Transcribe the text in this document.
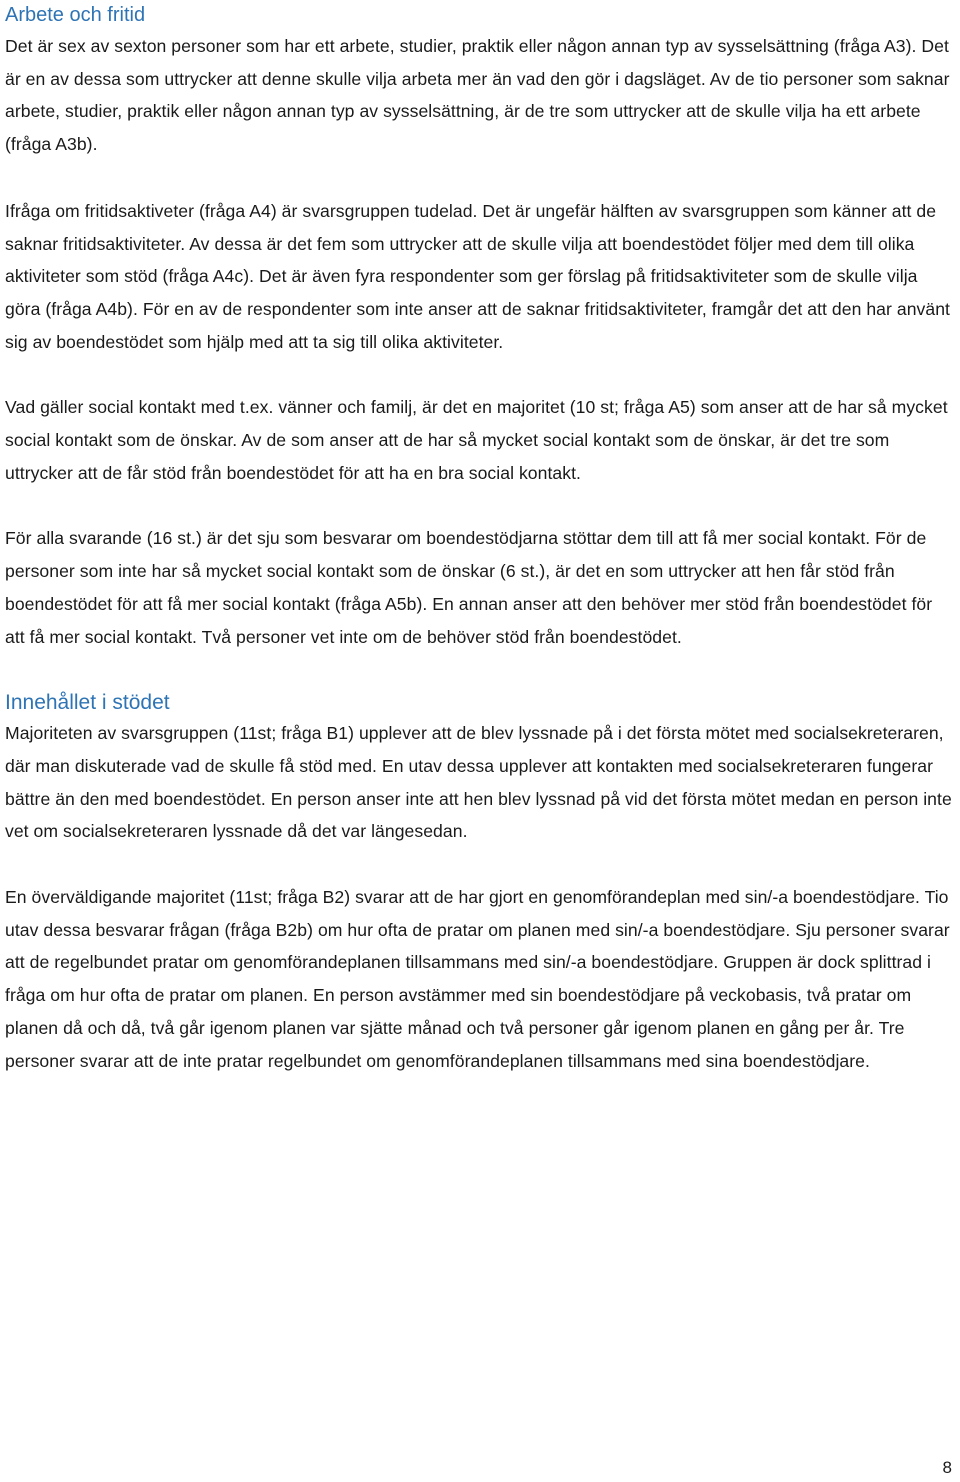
Arbete och fritid

Det är sex av sexton personer som har ett arbete, studier, praktik eller någon annan typ av sysselsättning (fråga A3). Det är en av dessa som uttrycker att denne skulle vilja arbeta mer än vad den gör i dagsläget. Av de tio personer som saknar arbete, studier, praktik eller någon annan typ av sysselsättning, är de tre som uttrycker att de skulle vilja ha ett arbete (fråga A3b).

Ifråga om fritidsaktiveter (fråga A4) är svarsgruppen tudelad. Det är ungefär hälften av svarsgruppen som känner att de saknar fritidsaktiviteter. Av dessa är det fem som uttrycker att de skulle vilja att boendestödet följer med dem till olika aktiviteter som stöd (fråga A4c). Det är även fyra respondenter som ger förslag på fritidsaktiviteter som de skulle vilja göra (fråga A4b). För en av de respondenter som inte anser att de saknar fritidsaktiviteter, framgår det att den har använt sig av boendestödet som hjälp med att ta sig till olika aktiviteter.

Vad gäller social kontakt med t.ex. vänner och familj, är det en majoritet (10 st; fråga A5) som anser att de har så mycket social kontakt som de önskar. Av de som anser att de har så mycket social kontakt som de önskar, är det tre som uttrycker att de får stöd från boendestödet för att ha en bra social kontakt.

För alla svarande (16 st.) är det sju som besvarar om boendestödjarna stöttar dem till att få mer social kontakt. För de personer som inte har så mycket social kontakt som de önskar (6 st.), är det en som uttrycker att hen får stöd från boendestödet för att få mer social kontakt (fråga A5b). En annan anser att den behöver mer stöd från boendestödet för att få mer social kontakt. Två personer vet inte om de behöver stöd från boendestödet.

Innehållet i stödet

Majoriteten av svarsgruppen (11st; fråga B1) upplever att de blev lyssnade på i det första mötet med socialsekreteraren, där man diskuterade vad de skulle få stöd med. En utav dessa upplever att kontakten med socialsekreteraren fungerar bättre än den med boendestödet. En person anser inte att hen blev lyssnad på vid det första mötet medan en person inte vet om socialsekreteraren lyssnade då det var längesedan.

En överväldigande majoritet (11st; fråga B2) svarar att de har gjort en genomförandeplan med sin/-a boendestödjare. Tio utav dessa besvarar frågan (fråga B2b) om hur ofta de pratar om planen med sin/-a boendestödjare. Sju personer svarar att de regelbundet pratar om genomförandeplanen tillsammans med sin/-a boendestödjare. Gruppen är dock splittrad i fråga om hur ofta de pratar om planen. En person avstämmer med sin boendestödjare på veckobasis, två pratar om planen då och då, två går igenom planen var sjätte månad och två personer går igenom planen en gång per år. Tre personer svarar att de inte pratar regelbundet om genomförandeplanen tillsammans med sina boendestödjare.

8
